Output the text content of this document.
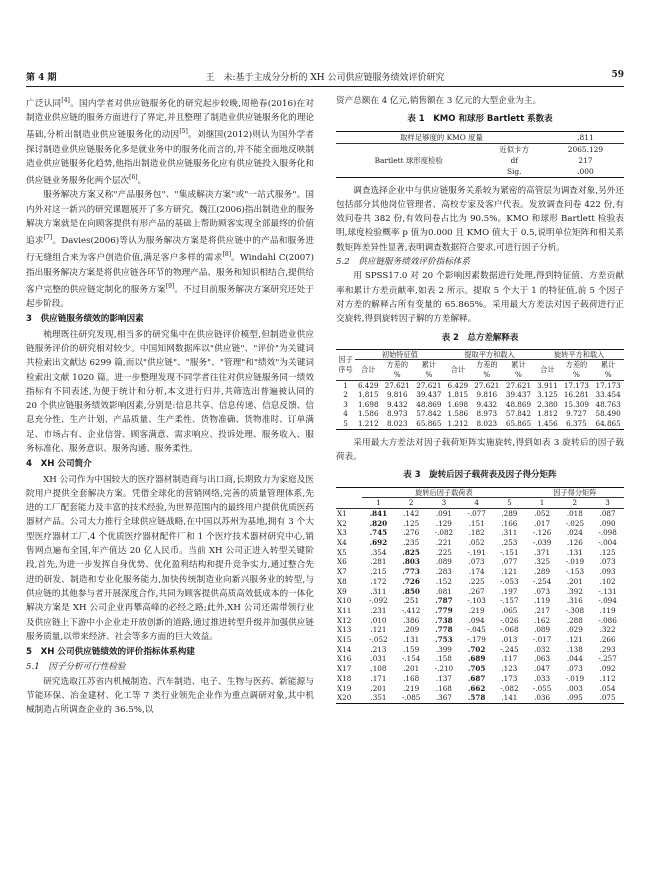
第 4 期	王　未:基于主成分分析的 XH 公司供应链服务绩效评价研究	59

广泛认同[4]。国内学者对供应链服务化的研究起步较晚,周艳春(2016)在对制造业供应链的服务方面进行了界定,并且整理了制造业供应链服务化的理论基础,分析出制造业供应链服务化的动因[5]。刘继国(2012)则认为国外学者探讨制造业供应链服务化多是就业务中的服务化而言的,并不能全面地反映制造业供应链服务化趋势,他指出制造业供应链服务化应有供应链投入服务化和供应链业务服务化两个层次[6]。

服务解决方案又称"产品服务包"、"集成解决方案"或"一站式服务"。国内外对这一新兴的研究课题展开了多方研究。魏江(2006)指出制造业的服务解决方案就是在向顾客提供有形产品的基础上帮助顾客实现全部最终的价值追求[7]。Davies(2006)等认为服务解决方案是将供应链中的产品和服务进行无缝组合来为客户创造价值,满足客户多样的需求[8]。Windahl C(2007)指出服务解决方案是将供应链各环节的物理产品、服务和知识相结合,提供给客户完整的供应链定制化的服务方案[9]。不过目前服务解决方案研究还处于起步阶段。

3　供应链服务绩效的影响因素

梳理既往研究发现,相当多的研究集中在供应链评价模型,但制造业供应链服务评价的研究相对较少。中国知网数据库以"供应链"、"评价"为关键词共检索出文献达 6299 篇,而以"供应链"、"服务"、"管理"和"绩效"为关键词检索出文献 1020 篇。进一步整理发现不同学者往往对供应链服务同一绩效指标有不同表述,为便于统计和分析,本文进行归并,共筛选出普遍被认同的 20 个供应链服务绩效影响因素,分别是:信息共享、信息传递、信息反馈、信息充分性、生产计划、产品质量、生产柔性、货物准确、货物准时、订单满足、市场占有、企业信誉、顾客满意、需求响应、投诉处理、服务收入、服务标准化、服务意识、服务沟通、服务柔性。

4　XH 公司简介

XH 公司作为中国较大的医疗器材制造商与出口商,长期致力为家庭及医院用户提供全套解决方案。凭借全球化的营销网络,完善的质量管理体系,先进的工厂配套能力及丰富的技术经验,为世界范围内的最终用户提供优质医药器材产品。公司大力推行全球供应链战略,在中国以苏州为基地,拥有 3 个大型医疗器材工厂,4 个优质医疗器材配件厂和 1 个医疗技术器材研究中心,销售网点遍布全国,年产值达 20 亿人民币。当前 XH 公司正进入转型关键阶段,首先,为进一步发挥自身优势、优化盈利结构和提升竞争实力,通过整合先进的研发、制造和专业化服务能力,加快传统制造业向新兴服务业的转型,与供应链的其他参与者开展深度合作,共同为顾客提供高质高效低成本的一体化解决方案是 XH 公司企业再攀高峰的必经之路;此外,XH 公司还需带领行业及供应链上下游中小企业走开放创新的道路,通过推进转型升级并加强供应链服务质量,以带来经济、社会等多方面的巨大效益。

5　XH 公司供应链绩效的评价指标体系构建

5.1　因子分析可行性检验

研究选取江苏省内机械制造、汽车制造、电子、生物与医药、新能源与节能环保、冶金建材、化工等 7 类行业领先企业作为重点调研对象,其中机械制造占所调查企业的 36.5%,以

资产总额在 4 亿元,销售额在 3 亿元的大型企业为主。

表 1　KMO 和球形 Bartlett 系数表
取样足够度的 KMO 度量		.811
Bartlett 球形度检验	近似卡方	2065.129
	df	217
	Sig.	.000

调查选择企业中与供应链服务关系较为紧密的高管层为调查对象,另外还包括部分其他岗位管理者、高校专家及客户代表。发放调查问卷 422 份,有效问卷共 382 份,有效问卷占比为 90.5%。KMO 和球形 Bartlett 检验表明,球度检验概率 p 值为0.000 且 KMO 值大于 0.5,说明单位矩阵和相关系数矩阵差异性显著,表明调查数据符合要求,可进行因子分析。

5.2　供应链服务绩效评价指标体系

用 SPSS17.0 对 20 个影响因素数据进行处理,得到特征值、方差贡献率和累计方差贡献率,如表 2 所示。提取 5 个大于 1 的特征值,前 5 个因子对方差的解释占所有变量的 65.865%。采用最大方差法对因子载荷进行正交旋转,得到旋转因子解的方差解释。

表 2　总方差解释表
因子
序号	初始特征值			提取平方和载入			旋转平方和载入		
	合计	方差的	累计	合计	方差的	累计	合计	方差的	累计
		%	%		%	%		%	%
1	6.429	27.621	27.621	6.429	27.621	27.621	3.911	17.173	17.173
2	1.815	9.816	39.437	1.815	9.816	39.437	3.125	16.281	33.454
3	1.698	9.432	48.869	1.698	9.432	48.869	2.380	15.309	48.763
4	1.586	8.973	57.842	1.586	8.973	57.842	1.812	9.727	58.490
5	1.212	8.023	65.865	1.212	8.023	65.865	1.456	6.375	64.865

采用最大方差法对因子载荷矩阵实施旋转,得到如表 3 旋转后的因子载荷表。

表 3　旋转后因子载荷表及因子得分矩阵
	旋转后因子载荷表					因子得分矩阵		
	1	2	3	4	5	1	2	3
X1	.841	.142	.091	-.077	.289	.052	.018	.087
X2	.820	.125	.129	.151	.166	.017	-.025	.090
X3	.745	.276	-.082	.182	.311	-.126	.024	-.098
X4	.692	.235	.221	.052	.253	-.039	.126	-.004
X5	.354	.825	.225	-.191	-.151	.371	.131	.125
X6	.281	.803	.089	.073	.077	.325	-.019	.073
X7	.215	.773	.283	.174	.121	.289	-.153	.093
X8	.172	.726	.152	.225	-.053	-.254	.201	.102
X9	.311	.850	.081	.267	.197	.073	.392	-.131
X10	-.092	.251	.787	-.103	-.157	.119	.316	-.094
X11	.231	-.412	.779	.219	.065	.217	-.308	.119
X12	.010	.386	.738	.094	-.026	.162	.288	-.086
X13	.121	.209	.778	-.045	-.068	.089	.029	.322
X15	-.052	.131	.753	-.179	.013	-.017	.121	.266
X14	.213	.159	.399	.702	-.245	.032	.138	.293
X16	.031	-.154	.158	.689	.117	.063	.044	-.257
X17	.108	.201	-.210	.705	.123	.047	.073	.092
X18	.171	.168	.137	.687	.173	.033	-.019	.112
X19	.201	.219	.168	.662	-.082	-.055	.003	.054
X20	.351	-.085	.367	.578	.141	.036	.095	.075
